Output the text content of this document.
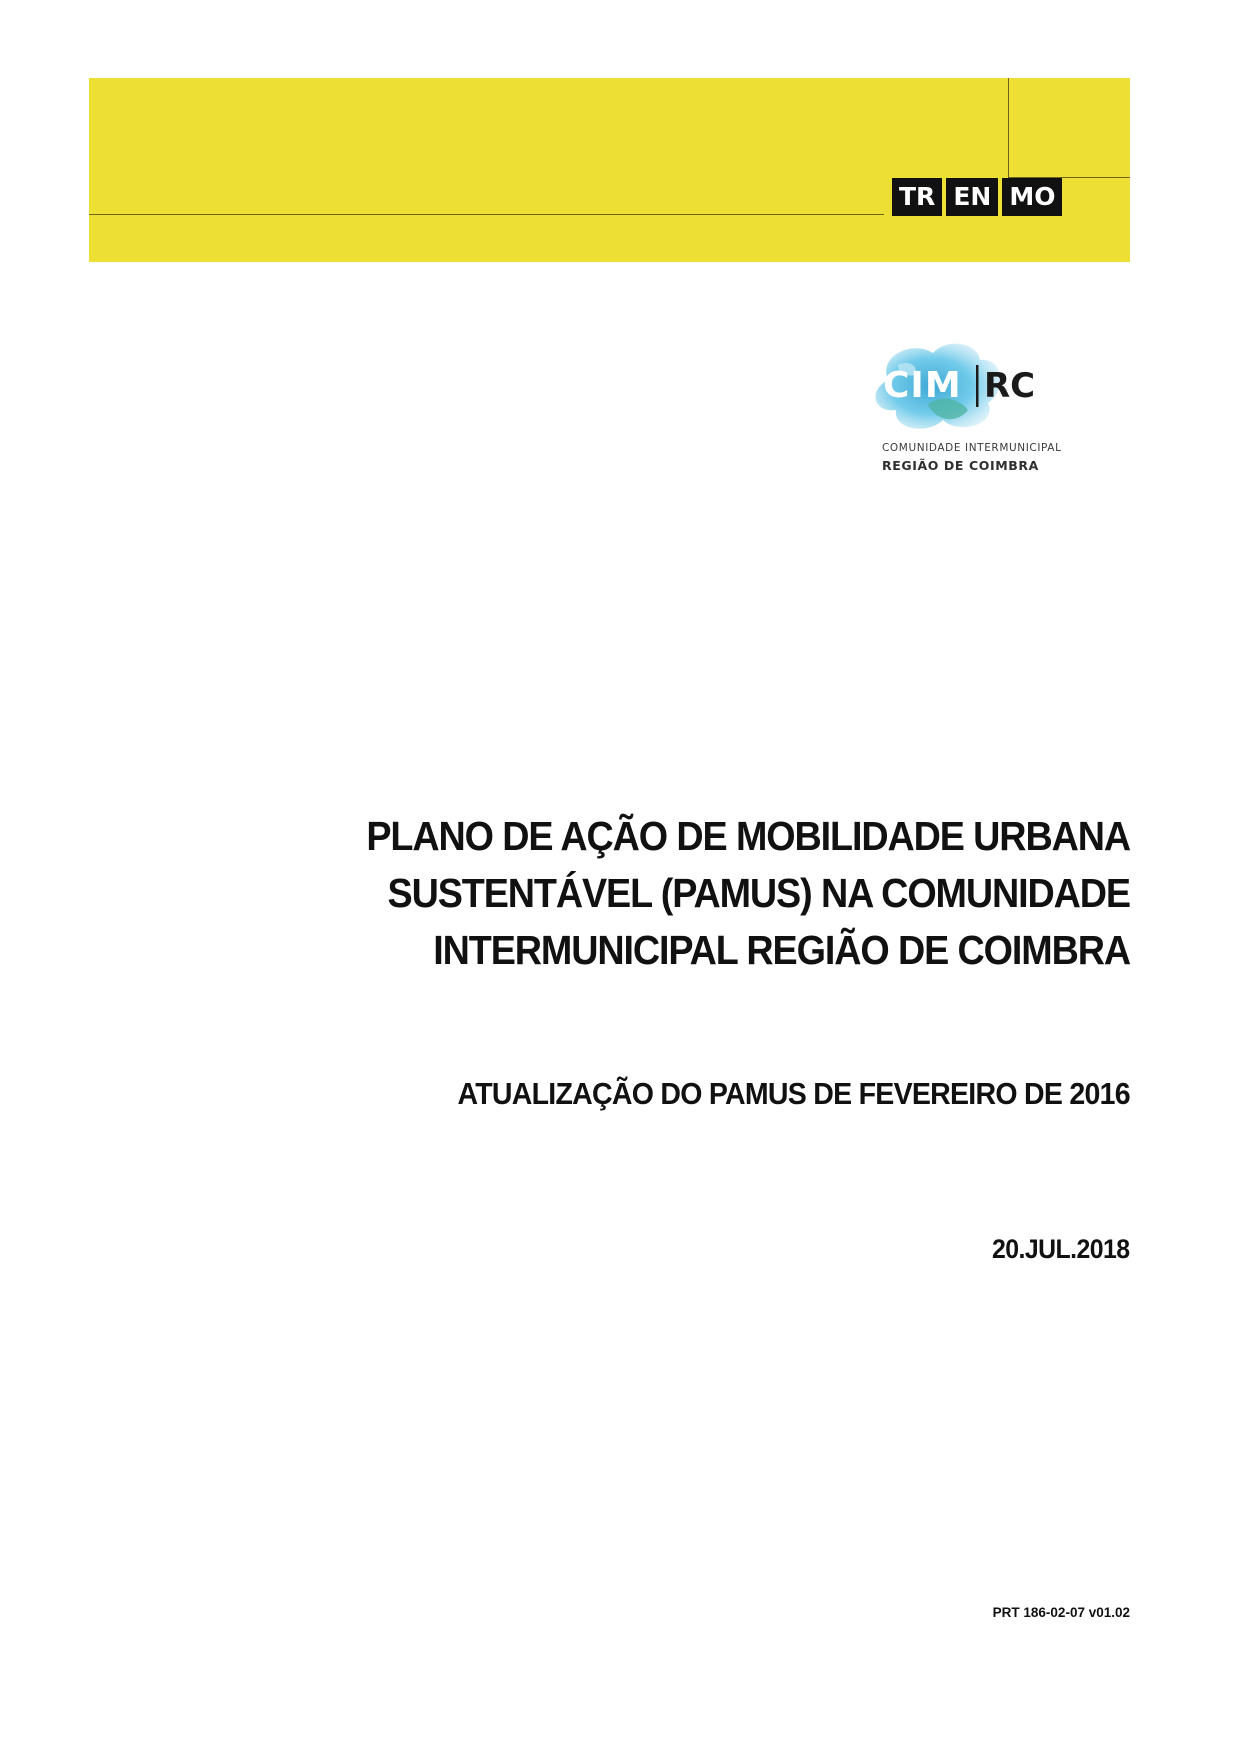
TR EN MO
CIM RC
COMUNIDADE INTERMUNICIPAL
REGIÃO DE COIMBRA
PLANO DE AÇÃO DE MOBILIDADE URBANA
SUSTENTÁVEL (PAMUS) NA COMUNIDADE
INTERMUNICIPAL REGIÃO DE COIMBRA
ATUALIZAÇÃO DO PAMUS DE FEVEREIRO DE 2016
20.JUL.2018
PRT 186-02-07 v01.02
